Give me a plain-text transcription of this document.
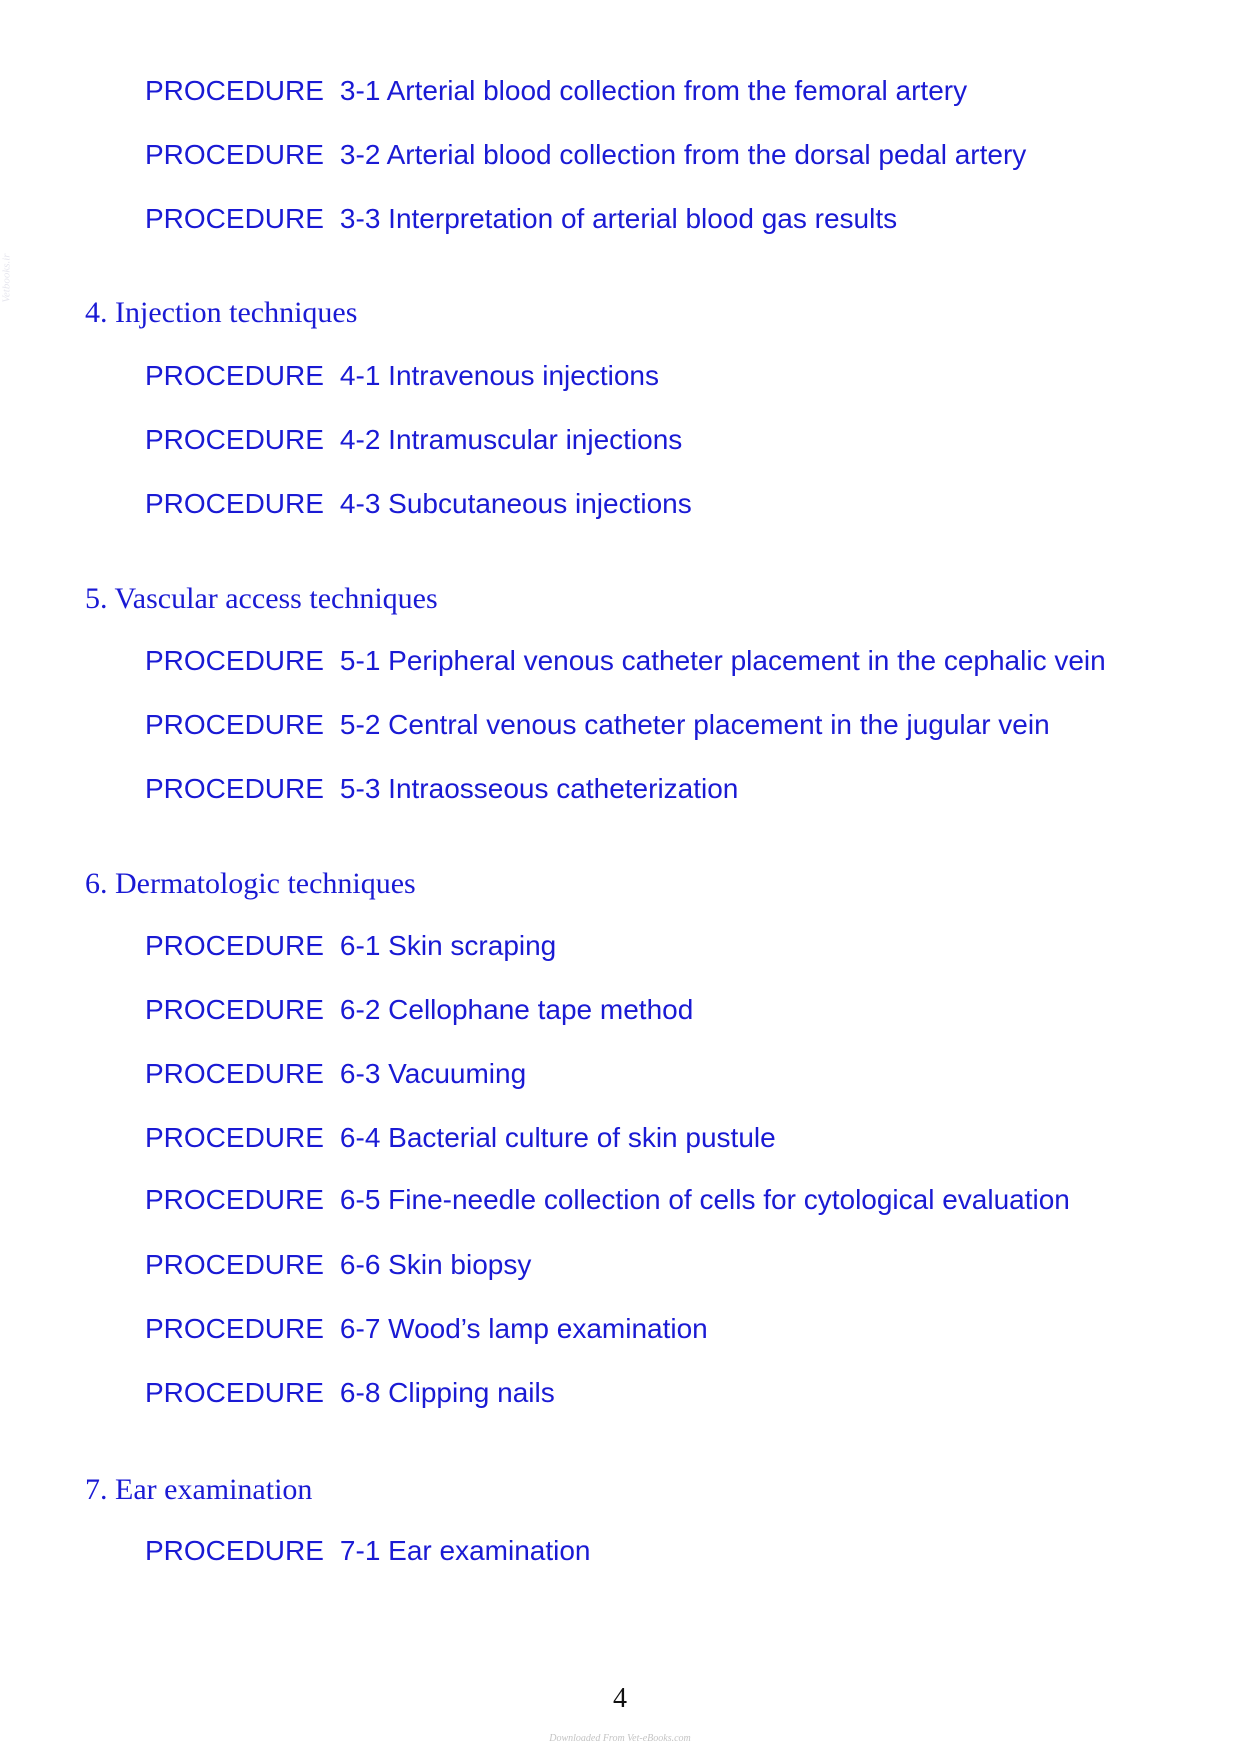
PROCEDURE 3-1 Arterial blood collection from the femoral artery
PROCEDURE 3-2 Arterial blood collection from the dorsal pedal artery
PROCEDURE 3-3 Interpretation of arterial blood gas results
4. Injection techniques
PROCEDURE 4-1 Intravenous injections
PROCEDURE 4-2 Intramuscular injections
PROCEDURE 4-3 Subcutaneous injections
5. Vascular access techniques
PROCEDURE 5-1 Peripheral venous catheter placement in the cephalic vein
PROCEDURE 5-2 Central venous catheter placement in the jugular vein
PROCEDURE 5-3 Intraosseous catheterization
6. Dermatologic techniques
PROCEDURE 6-1 Skin scraping
PROCEDURE 6-2 Cellophane tape method
PROCEDURE 6-3 Vacuuming
PROCEDURE 6-4 Bacterial culture of skin pustule
PROCEDURE 6-5 Fine-needle collection of cells for cytological evaluation
PROCEDURE 6-6 Skin biopsy
PROCEDURE 6-7 Wood’s lamp examination
PROCEDURE 6-8 Clipping nails
7. Ear examination
PROCEDURE 7-1 Ear examination
4
Downloaded From Vet-eBooks.com
Vetbooks.ir
